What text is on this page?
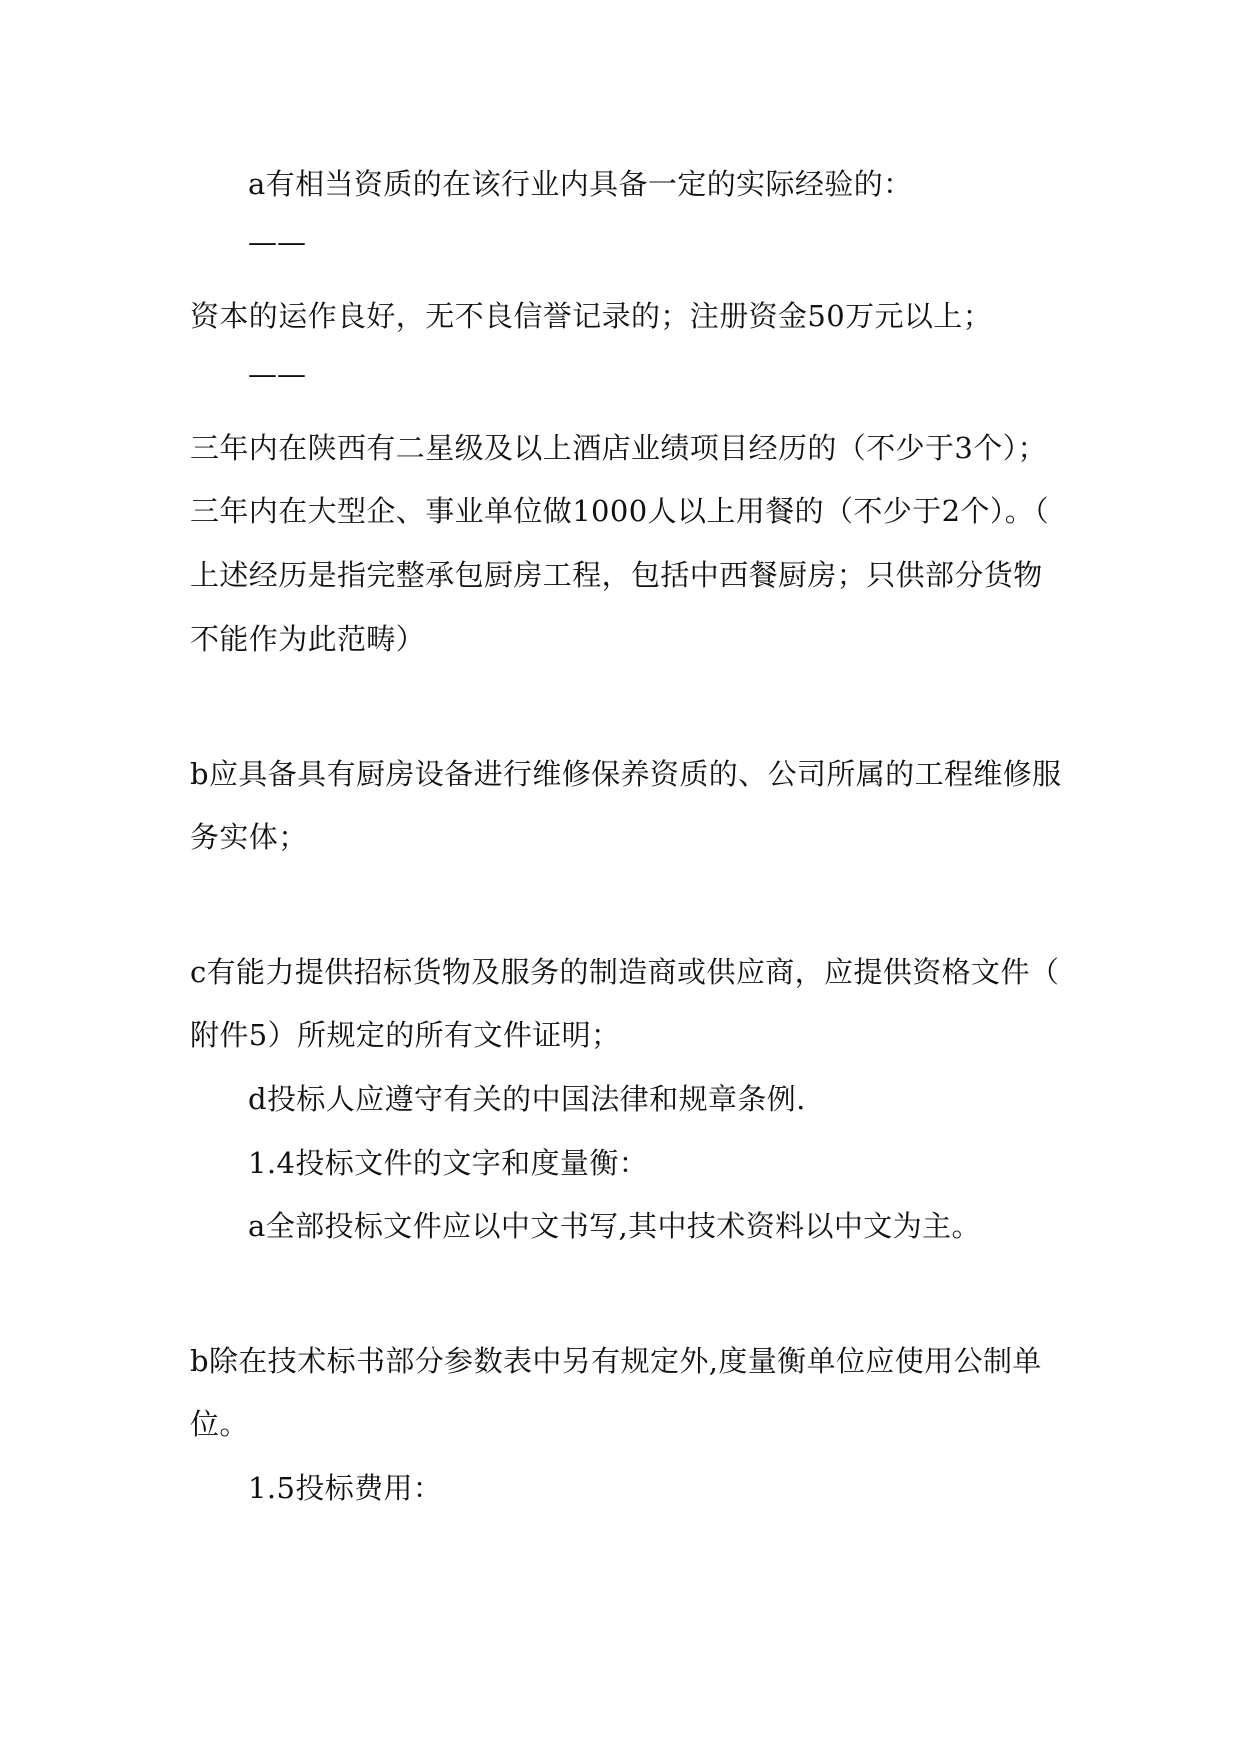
a有相当资质的在该行业内具备一定的实际经验的：

——

资本的运作良好，无不良信誉记录的；注册资金50万元以上；

——

三年内在陕西有二星级及以上酒店业绩项目经历的（不少于3个）；

三年内在大型企、事业单位做1000人以上用餐的（不少于2个）。（

上述经历是指完整承包厨房工程，包括中西餐厨房；只供部分货物

不能作为此范畴）

b应具备具有厨房设备进行维修保养资质的、公司所属的工程维修服

务实体；

c有能力提供招标货物及服务的制造商或供应商，应提供资格文件（

附件5）所规定的所有文件证明；

d投标人应遵守有关的中国法律和规章条例.

1.4投标文件的文字和度量衡：

a全部投标文件应以中文书写,其中技术资料以中文为主。

b除在技术标书部分参数表中另有规定外,度量衡单位应使用公制单

位。

1.5投标费用：
